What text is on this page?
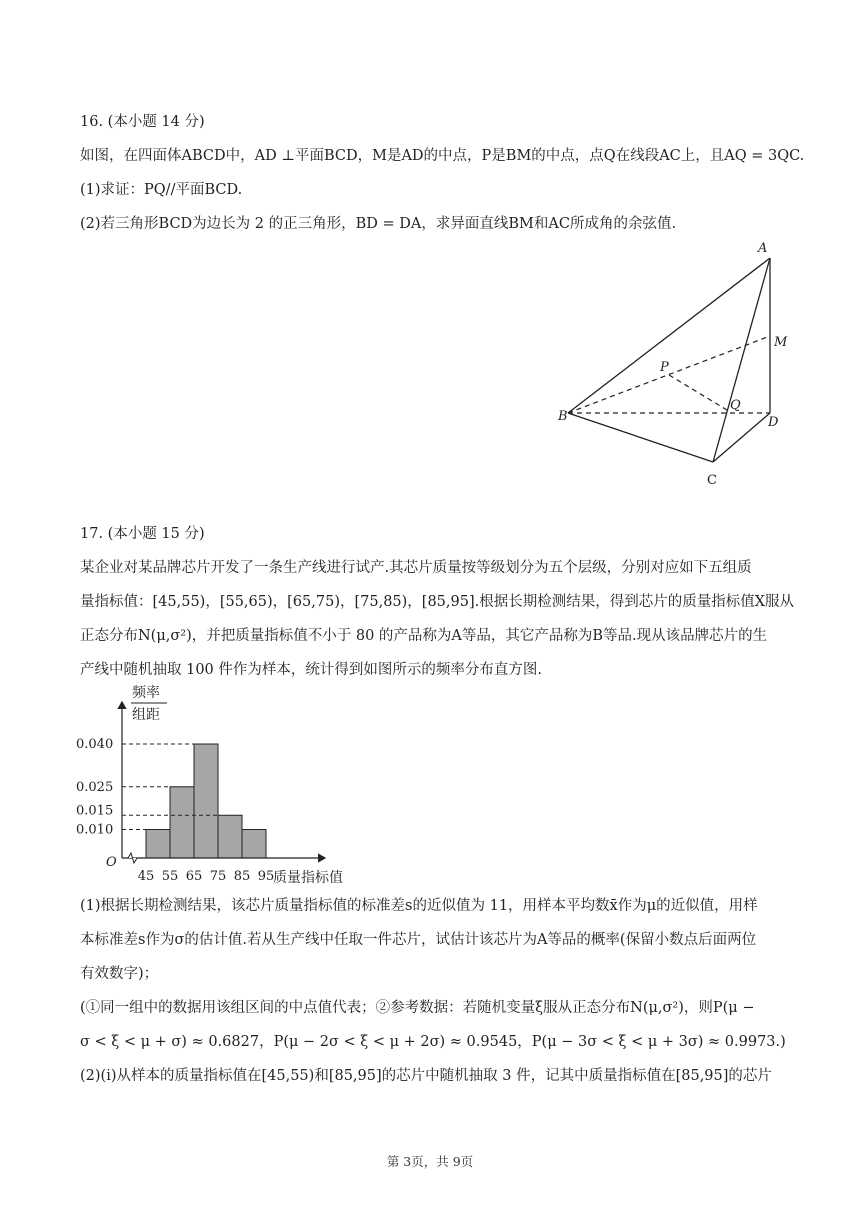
16. (本小题 14 分)
如图，在四面体ABCD中，AD ⊥平面BCD，M是AD的中点，P是BM的中点，点Q在线段AC上，且AQ = 3QC.
(1)求证：PQ//平面BCD.
(2)若三角形BCD为边长为 2 的正三角形，BD = DA，求异面直线BM和AC所成角的余弦值.
A
M
P
Q
B	D
C
17. (本小题 15 分)
某企业对某品牌芯片开发了一条生产线进行试产.其芯片质量按等级划分为五个层级，分别对应如下五组质
量指标值：[45,55)，[55,65)，[65,75)，[75,85)，[85,95].根据长期检测结果，得到芯片的质量指标值X服从
正态分布N(μ,σ²)，并把质量指标值不小于 80 的产品称为A等品，其它产品称为B等品.现从该品牌芯片的生
产线中随机抽取 100 件作为样本，统计得到如图所示的频率分布直方图.
频率
组距
O
质量指标值
0.040
0.025
0.015
0.010
45 55 65 75 85 95
(1)根据长期检测结果，该芯片质量指标值的标准差s的近似值为 11，用样本平均数x̄作为μ的近似值，用样
本标准差s作为σ的估计值.若从生产线中任取一件芯片，试估计该芯片为A等品的概率(保留小数点后面两位
有效数字)；
(①同一组中的数据用该组区间的中点值代表；②参考数据：若随机变量ξ服从正态分布N(μ,σ²)，则P(μ −
σ < ξ < μ + σ) ≈ 0.6827，P(μ − 2σ < ξ < μ + 2σ) ≈ 0.9545，P(μ − 3σ < ξ < μ + 3σ) ≈ 0.9973.)
(2)(i)从样本的质量指标值在[45,55)和[85,95]的芯片中随机抽取 3 件，记其中质量指标值在[85,95]的芯片
第 3页，共 9页
